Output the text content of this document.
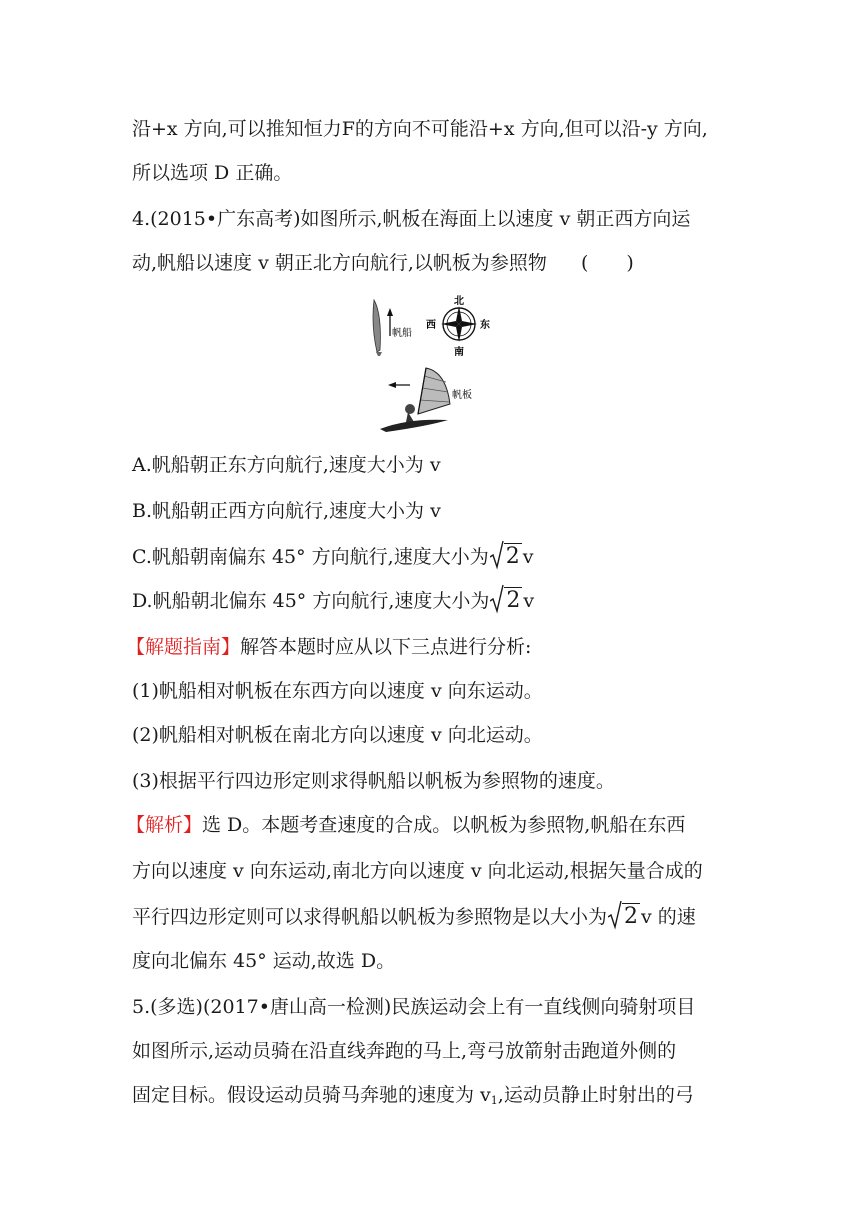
沿+x 方向,可以推知恒力F的方向不可能沿+x 方向,但可以沿-y 方向,
所以选项 D 正确。
4.(2015•广东高考)如图所示,帆板在海面上以速度 v 朝正西方向运
动,帆船以速度 v 朝正北方向航行,以帆板为参照物 (　　)
帆船
北
南
西	东
帆板
A.帆船朝正东方向航行,速度大小为 v
B.帆船朝正西方向航行,速度大小为 v
C.帆船朝南偏东 45° 方向航行,速度大小为 2 v
D.帆船朝北偏东 45° 方向航行,速度大小为 2 v
【解题指南】解答本题时应从以下三点进行分析:
(1)帆船相对帆板在东西方向以速度 v 向东运动。
(2)帆船相对帆板在南北方向以速度 v 向北运动。
(3)根据平行四边形定则求得帆船以帆板为参照物的速度。
【解析】选 D。本题考查速度的合成。以帆板为参照物,帆船在东西
方向以速度 v 向东运动,南北方向以速度 v 向北运动,根据矢量合成的
平行四边形定则可以求得帆船以帆板为参照物是以大小为 2 v 的速
度向北偏东 45° 运动,故选 D。
5.(多选)(2017•唐山高一检测)民族运动会上有一直线侧向骑射项目
如图所示,运动员骑在沿直线奔跑的马上,弯弓放箭射击跑道外侧的
固定目标。假设运动员骑马奔驰的速度为 $v_1$,运动员静止时射出的弓
